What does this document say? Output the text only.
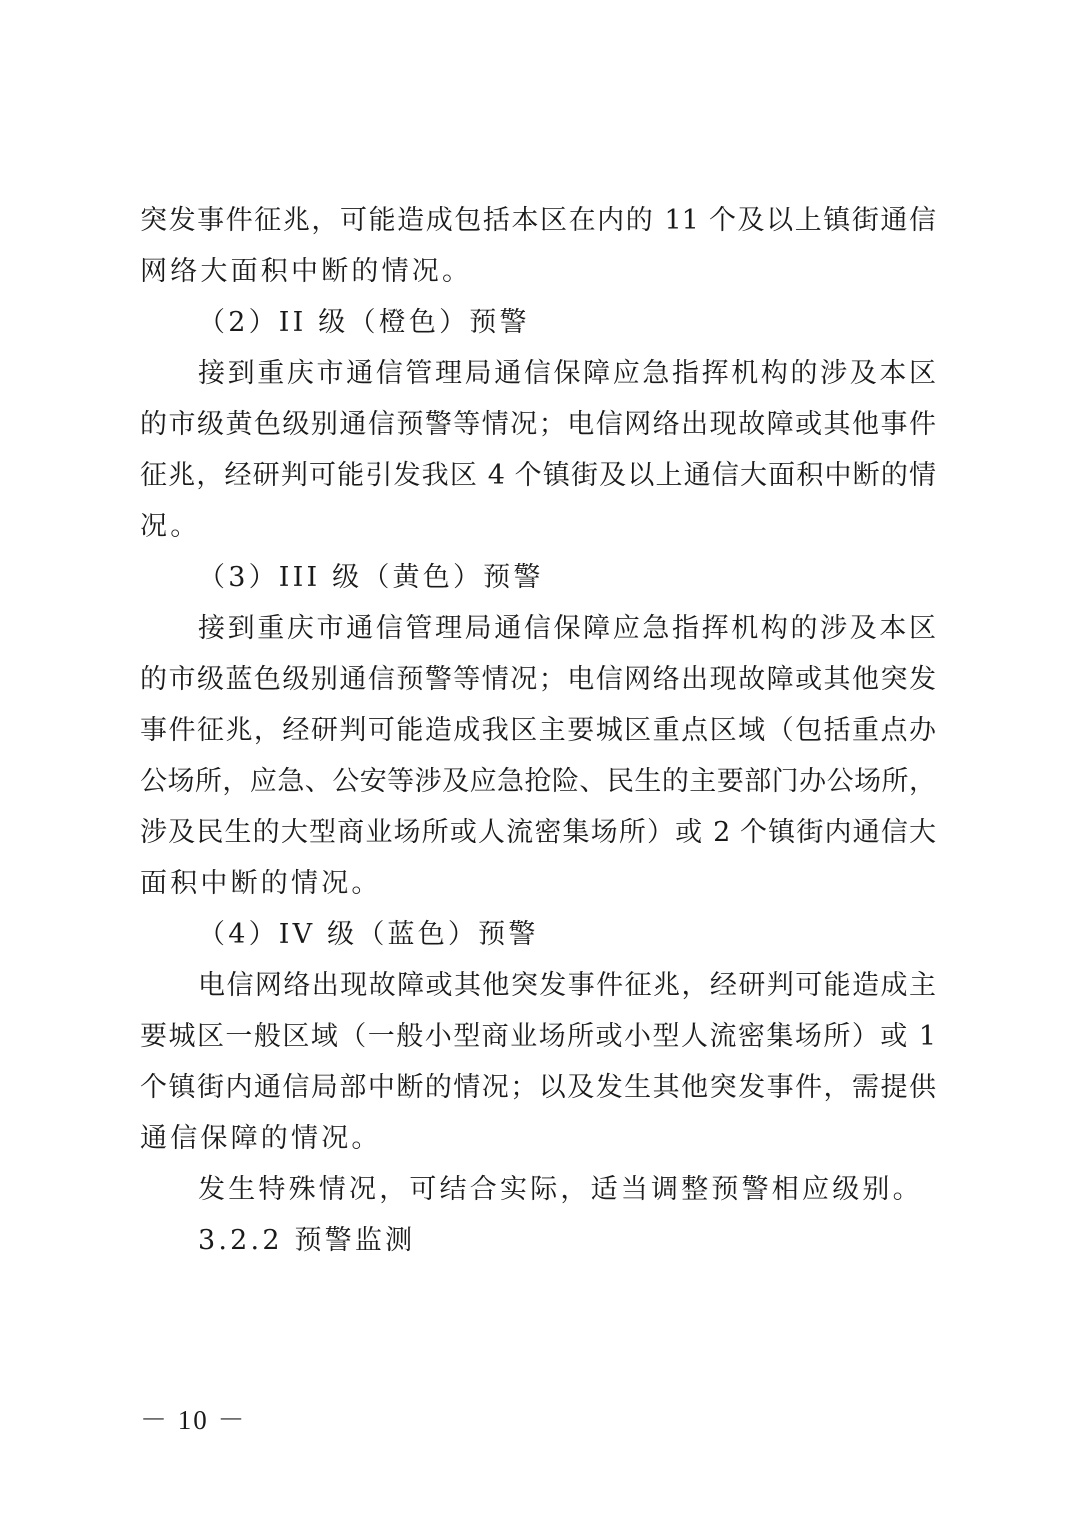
突发事件征兆，可能造成包括本区在内的 11 个及以上镇街通信
网络大面积中断的情况。
（2）II 级（橙色）预警
接到重庆市通信管理局通信保障应急指挥机构的涉及本区
的市级黄色级别通信预警等情况；电信网络出现故障或其他事件
征兆，经研判可能引发我区 4 个镇街及以上通信大面积中断的情
况。
（3）III 级（黄色）预警
接到重庆市通信管理局通信保障应急指挥机构的涉及本区
的市级蓝色级别通信预警等情况；电信网络出现故障或其他突发
事件征兆，经研判可能造成我区主要城区重点区域（包括重点办
公场所，应急、公安等涉及应急抢险、民生的主要部门办公场所，
涉及民生的大型商业场所或人流密集场所）或 2 个镇街内通信大
面积中断的情况。
（4）IV 级（蓝色）预警
电信网络出现故障或其他突发事件征兆，经研判可能造成主
要城区一般区域（一般小型商业场所或小型人流密集场所）或 1
个镇街内通信局部中断的情况；以及发生其他突发事件，需提供
通信保障的情况。
发生特殊情况，可结合实际，适当调整预警相应级别。
3.2.2 预警监测
－ 10 －
